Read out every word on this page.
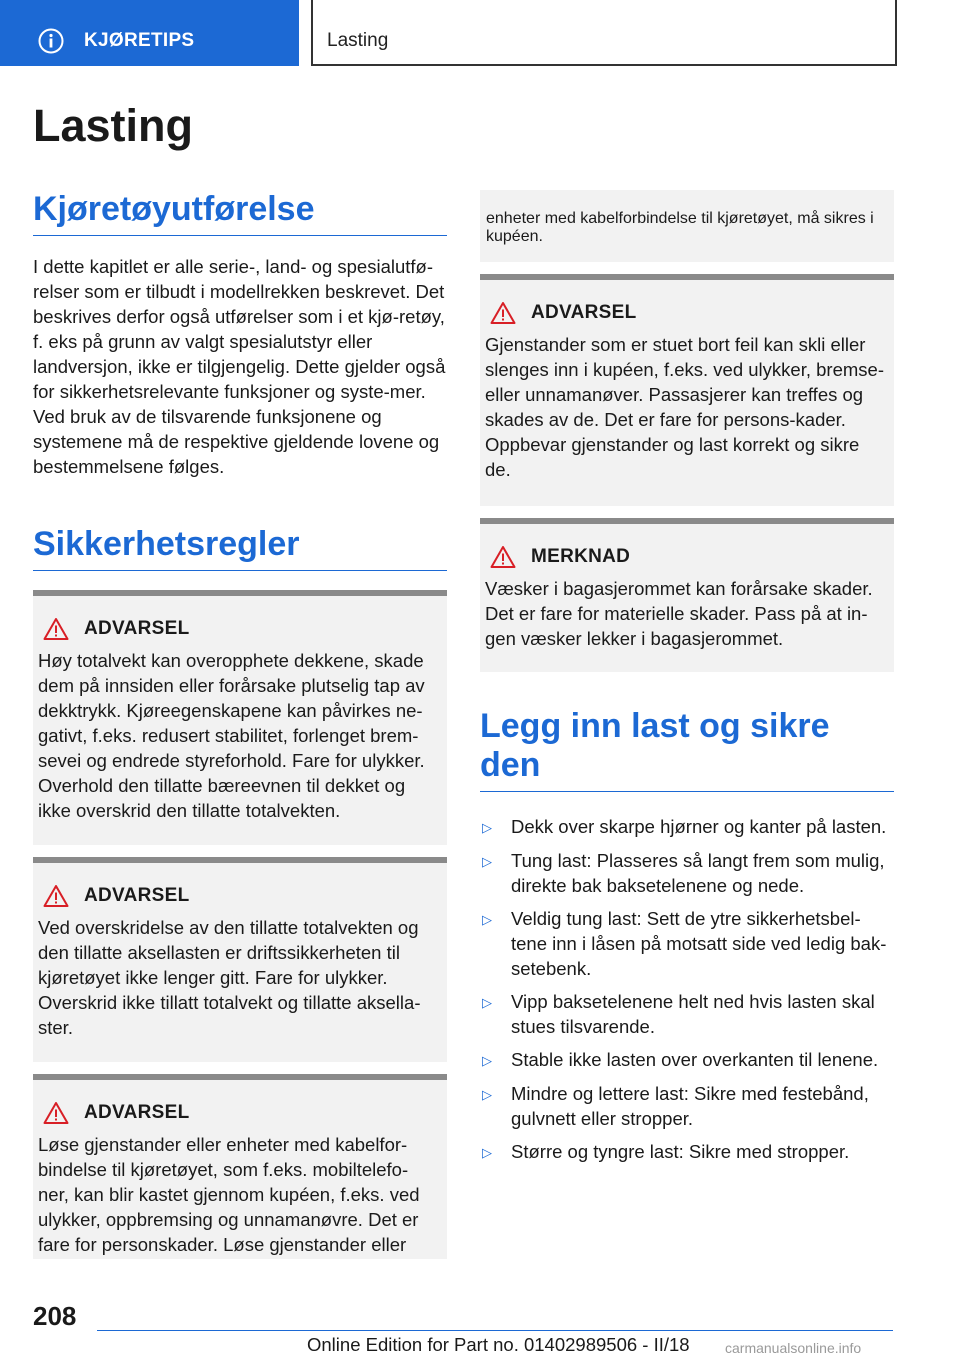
KJØRETIPS	Lasting
Lasting
Kjøretøyutførelse

I dette kapitlet er alle serie-, land- og spesialutfø-relser som er tilbudt i modellrekken beskrevet. Det beskrives derfor også utførelser som i et kjø-retøy, f. eks på grunn av valgt spesialutstyr eller landversjon, ikke er tilgjengelig. Dette gjelder også for sikkerhetsrelevante funksjoner og syste-mer. Ved bruk av de tilsvarende funksjonene og systemene må de respektive gjeldende lovene og bestemmelsene følges.

Sikkerhetsregler
ADVARSEL

Høy totalvekt kan overopphete dekkene, skade dem på innsiden eller forårsake plutselig tap av dekktrykk. Kjøreegenskapene kan påvirkes ne-gativt, f.eks. redusert stabilitet, forlenget brem-sevei og endrede styreforhold. Fare for ulykker. Overhold den tillatte bæreevnen til dekket og ikke overskrid den tillatte totalvekten.

ADVARSEL

Ved overskridelse av den tillatte totalvekten og den tillatte aksellasten er driftssikkerheten til kjøretøyet ikke lenger gitt. Fare for ulykker. Overskrid ikke tillatt totalvekt og tillatte aksella-ster.

ADVARSEL

Løse gjenstander eller enheter med kabelfor-bindelse til kjøretøyet, som f.eks. mobiltelefo-ner, kan blir kastet gjennom kupéen, f.eks. ved ulykker, oppbremsing og unnamanøvre. Det er fare for personskader. Løse gjenstander eller

enheter med kabelforbindelse til kjøretøyet, må sikres i kupéen.

ADVARSEL

Gjenstander som er stuet bort feil kan skli eller slenges inn i kupéen, f.eks. ved ulykker, bremse- eller unnamanøver. Passasjerer kan treffes og skades av de. Det er fare for persons-kader. Oppbevar gjenstander og last korrekt og sikre de.

MERKNAD

Væsker i bagasjerommet kan forårsake skader. Det er fare for materielle skader. Pass på at in-gen væsker lekker i bagasjerommet.

Legg inn last og sikre den
▷	Dekk over skarpe hjørner og kanter på lasten.
▷	Tung last: Plasseres så langt frem som mulig, direkte bak baksetelenene og nede.
▷	Veldig tung last: Sett de ytre sikkerhetsbel-tene inn i låsen på motsatt side ved ledig bak-setebenk.
▷	Vipp baksetelenene helt ned hvis lasten skal stues tilsvarende.
▷	Stable ikke lasten over overkanten til lenene.
▷	Mindre og lettere last: Sikre med festebånd, gulvnett eller stropper.
▷	Større og tyngre last: Sikre med stropper.
208
Online Edition for Part no. 01402989506 - II/18	carmanualsonline.info
